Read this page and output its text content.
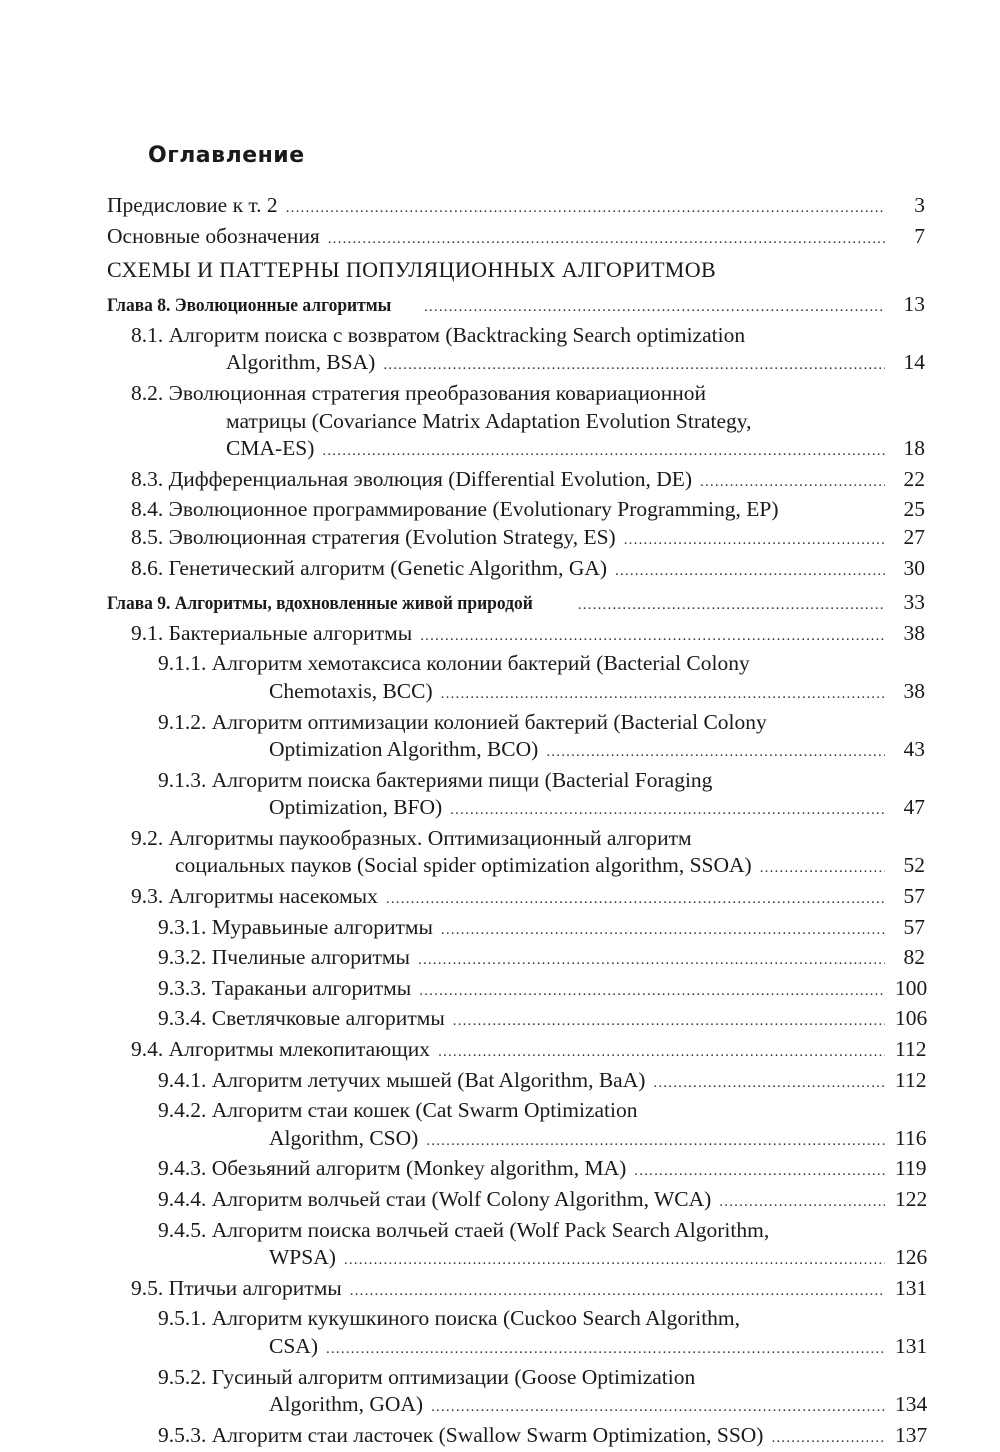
Оглавление
Предисловие к т. 2 .....	3
Основные обозначения .....	7
СХЕМЫ И ПАТТЕРНЫ ПОПУЛЯЦИОННЫХ АЛГОРИТМОВ
Глава 8. Эволюционные алгоритмы .....	13
8.1. Алгоритм поиска с возвратом (Backtracking Search optimization
Algorithm, BSA) .....	14
8.2. Эволюционная стратегия преобразования ковариационной
матрицы (Covariance Matrix Adaptation Evolution Strategy,
CMA-ES) .....	18
8.3. Дифференциальная эволюция (Differential Evolution, DE) .....	22
8.4. Эволюционное программирование (Evolutionary Programming, EP)	25
8.5. Эволюционная стратегия (Evolution Strategy, ES) .....	27
8.6. Генетический алгоритм (Genetic Algorithm, GA) .....	30
Глава 9. Алгоритмы, вдохновленные живой природой .....	33
9.1. Бактериальные алгоритмы .....	38
9.1.1. Алгоритм хемотаксиса колонии бактерий (Bacterial Colony
Chemotaxis, BCC) .....	38
9.1.2. Алгоритм оптимизации колонией бактерий (Bacterial Colony
Optimization Algorithm, BCO) .....	43
9.1.3. Алгоритм поиска бактериями пищи (Bacterial Foraging
Optimization, BFO) .....	47
9.2. Алгоритмы паукообразных. Оптимизационный алгоритм
социальных пауков (Social spider optimization algorithm, SSOA) .....	52
9.3. Алгоритмы насекомых .....	57
9.3.1. Муравьиные алгоритмы .....	57
9.3.2. Пчелиные алгоритмы .....	82
9.3.3. Тараканьи алгоритмы .....	100
9.3.4. Светлячковые алгоритмы .....	106
9.4. Алгоритмы млекопитающих .....	112
9.4.1. Алгоритм летучих мышей (Bat Algorithm, BaA) .....	112
9.4.2. Алгоритм стаи кошек (Cat Swarm Optimization
Algorithm, CSO) .....	116
9.4.3. Обезьяний алгоритм (Monkey algorithm, MA) .....	119
9.4.4. Алгоритм волчьей стаи (Wolf Colony Algorithm, WCA) .....	122
9.4.5. Алгоритм поиска волчьей стаей (Wolf Pack Search Algorithm,
WPSA) .....	126
9.5. Птичьи алгоритмы .....	131
9.5.1. Алгоритм кукушкиного поиска (Cuckoo Search Algorithm,
CSA) .....	131
9.5.2. Гусиный алгоритм оптимизации (Goose Optimization
Algorithm, GOA) .....	134
9.5.3. Алгоритм стаи ласточек (Swallow Swarm Optimization, SSO) .....	137
